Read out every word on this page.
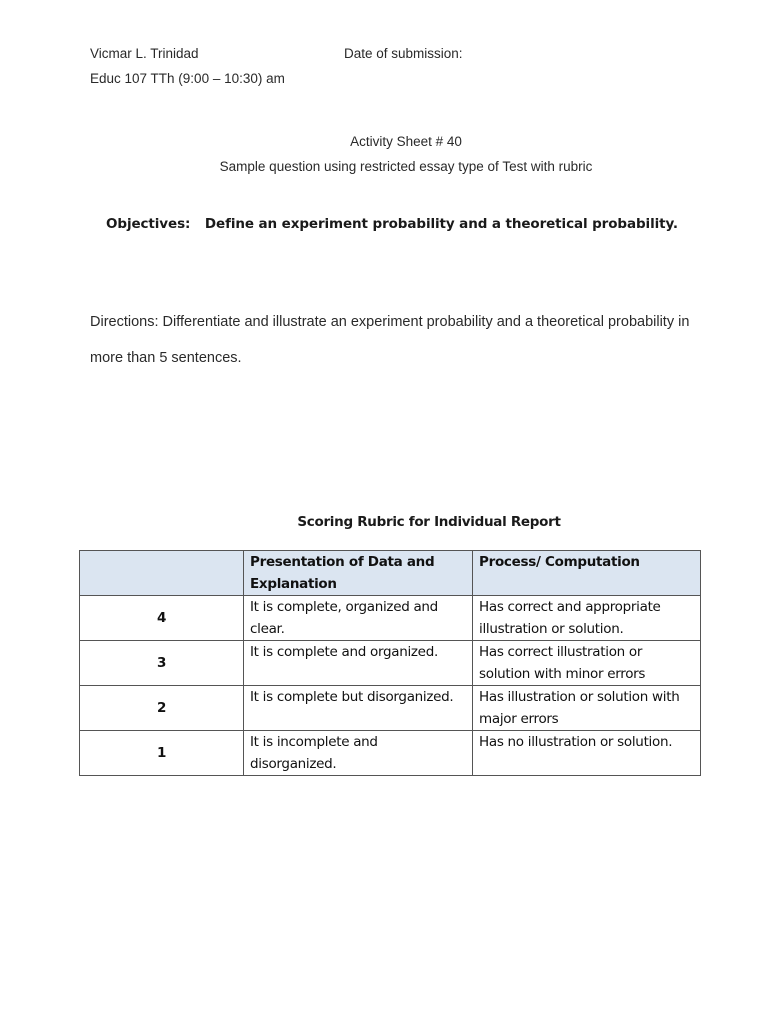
Vicmar L. Trinidad	Date of submission:
Educ 107 TTh (9:00 – 10:30) am
Activity Sheet # 40
Sample question using restricted essay type of Test with rubric
Objectives: Define an experiment probability and a theoretical probability.
Directions: Differentiate and illustrate an experiment probability and a theoretical probability in
more than 5 sentences.
Scoring Rubric for Individual Report
	Presentation of Data and Explanation	Process/ Computation
4	It is complete, organized and clear.	Has correct and appropriate illustration or solution.
3	It is complete and organized.	Has correct illustration or solution with minor errors
2	It is complete but disorganized.	Has illustration or solution with major errors
1	It is incomplete and disorganized.	Has no illustration or solution.
